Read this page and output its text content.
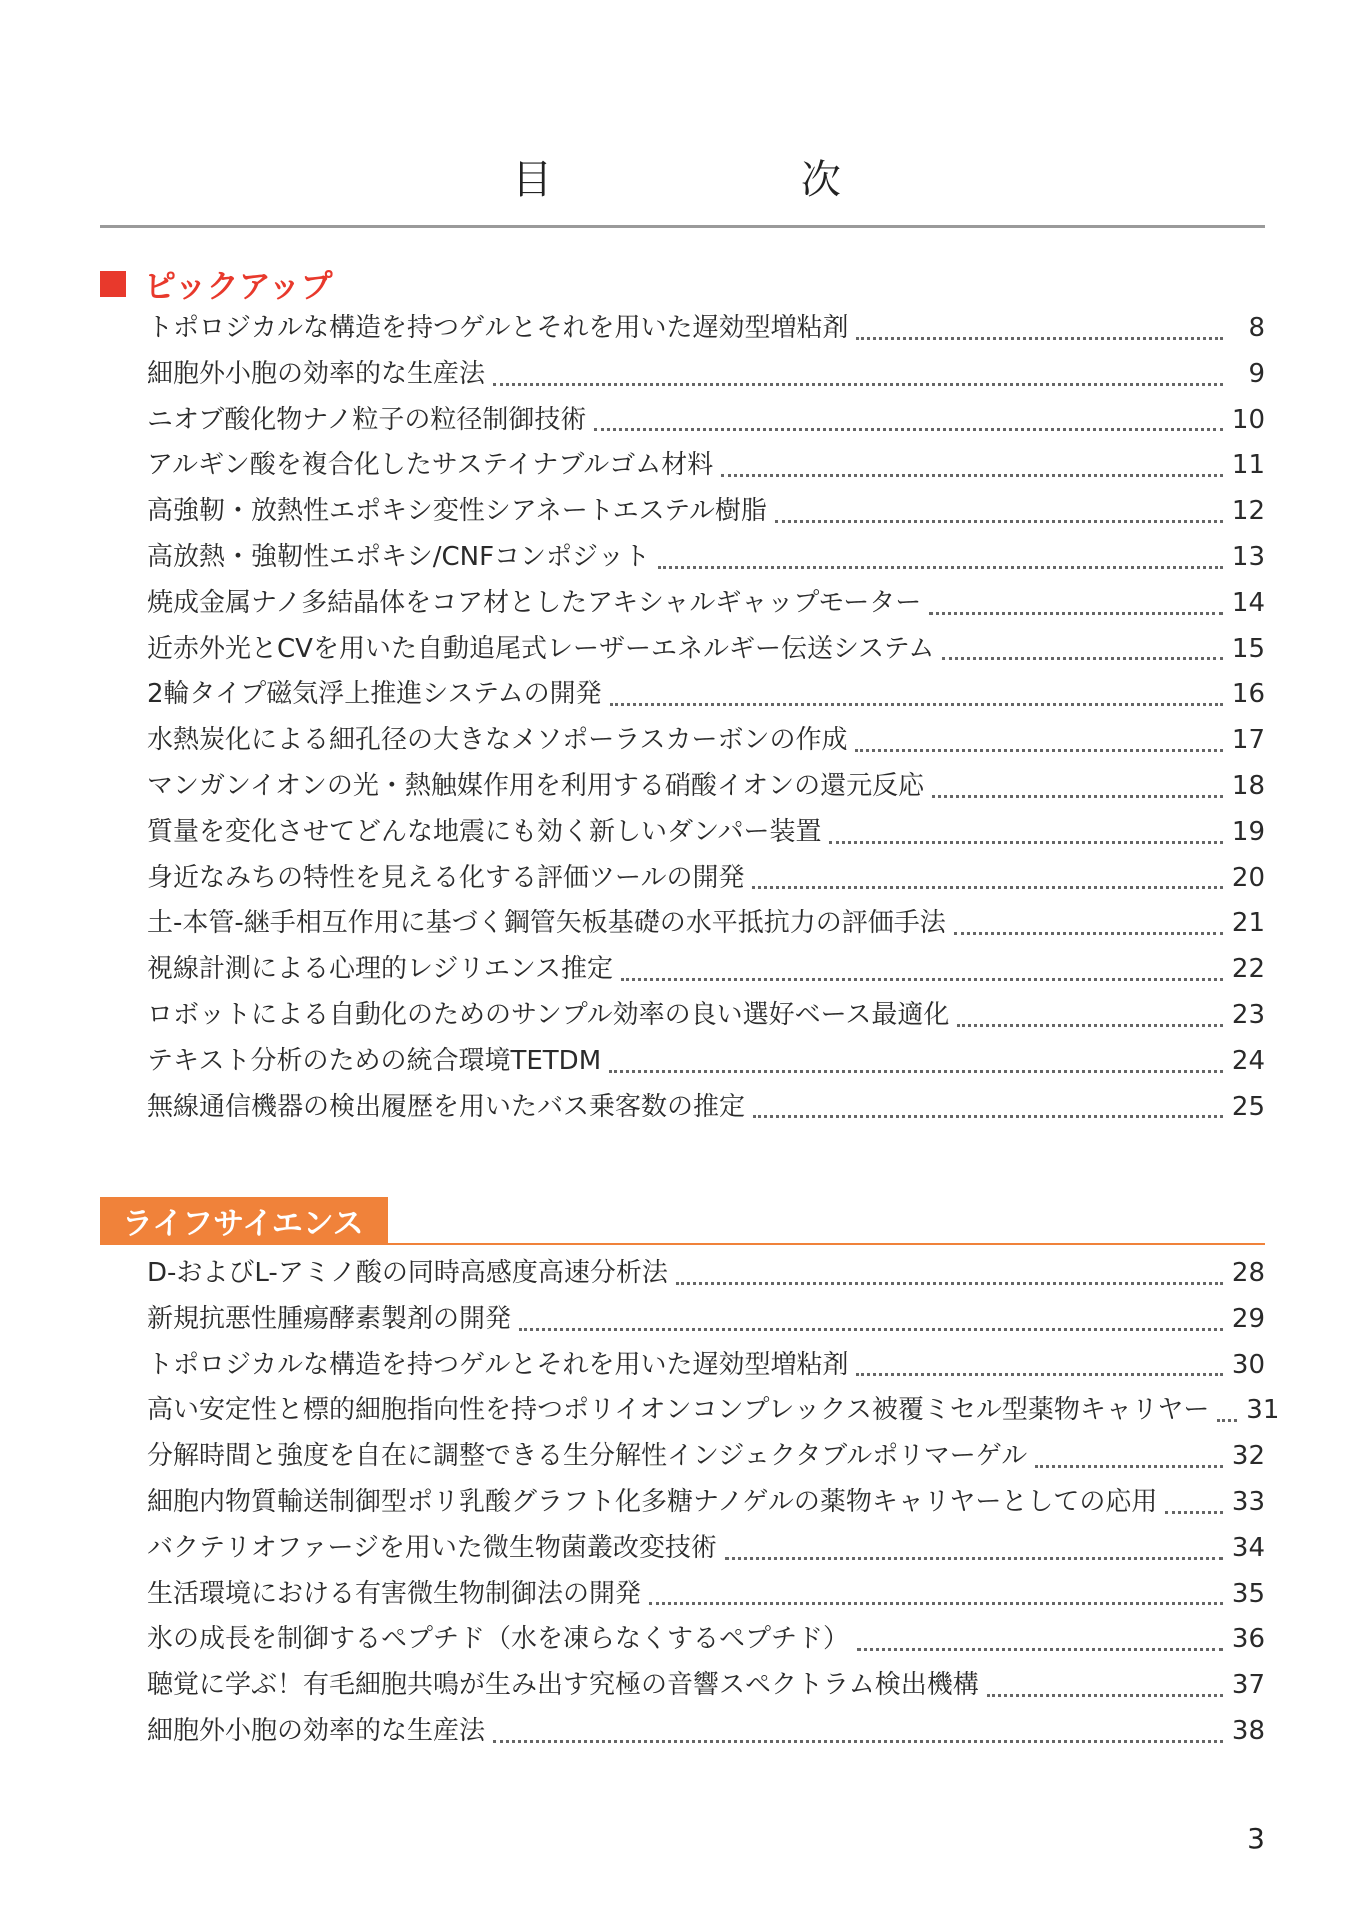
目 次
ピックアップ
トポロジカルな構造を持つゲルとそれを用いた遅効型増粘剤	8
細胞外小胞の効率的な生産法	9
ニオブ酸化物ナノ粒子の粒径制御技術	10
アルギン酸を複合化したサステイナブルゴム材料	11
高強靭・放熱性エポキシ変性シアネートエステル樹脂	12
高放熱・強靭性エポキシ/CNFコンポジット	13
焼成金属ナノ多結晶体をコア材としたアキシャルギャップモーター	14
近赤外光とCVを用いた自動追尾式レーザーエネルギー伝送システム	15
2輪タイプ磁気浮上推進システムの開発	16
水熱炭化による細孔径の大きなメソポーラスカーボンの作成	17
マンガンイオンの光・熱触媒作用を利用する硝酸イオンの還元反応	18
質量を変化させてどんな地震にも効く新しいダンパー装置	19
身近なみちの特性を見える化する評価ツールの開発	20
土-本管-継手相互作用に基づく鋼管矢板基礎の水平抵抗力の評価手法	21
視線計測による心理的レジリエンス推定	22
ロボットによる自動化のためのサンプル効率の良い選好ベース最適化	23
テキスト分析のための統合環境TETDM	24
無線通信機器の検出履歴を用いたバス乗客数の推定	25
ライフサイエンス
D-およびL-アミノ酸の同時高感度高速分析法	28
新規抗悪性腫瘍酵素製剤の開発	29
トポロジカルな構造を持つゲルとそれを用いた遅効型増粘剤	30
高い安定性と標的細胞指向性を持つポリイオンコンプレックス被覆ミセル型薬物キャリヤー 31
分解時間と強度を自在に調整できる生分解性インジェクタブルポリマーゲル	32
細胞内物質輸送制御型ポリ乳酸グラフト化多糖ナノゲルの薬物キャリヤーとしての応用	33
バクテリオファージを用いた微生物菌叢改変技術	34
生活環境における有害微生物制御法の開発	35
氷の成長を制御するペプチド（水を凍らなくするペプチド）	36
聴覚に学ぶ！有毛細胞共鳴が生み出す究極の音響スペクトラム検出機構	37
細胞外小胞の効率的な生産法	38
3
